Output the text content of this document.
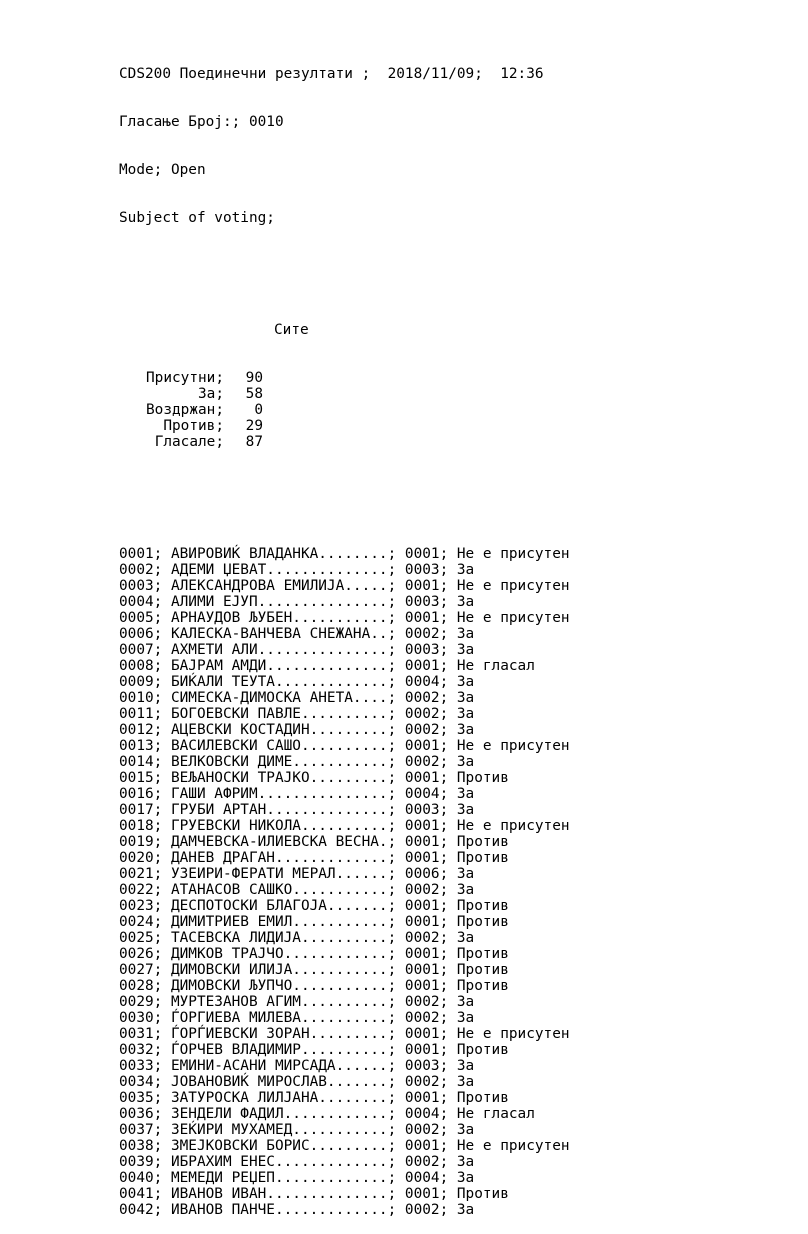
CDS200 Поединечни резултати ;  2018/11/09;  12:36

Гласање Број:; 0010

Mode; Open

Subject of voting;

Сите

Присутни; 90
За; 58
Воздржан; 0
Против; 29
Гласале; 87

0001; АВИРОВИЌ ВЛАДАНКА........; 0001; Не е присутен
0002; АДЕМИ ЏЕВАТ..............; 0003; За
0003; АЛЕКСАНДРОВА ЕМИЛИЈА.....; 0001; Не е присутен
0004; АЛИМИ ЕЈУП...............; 0003; За
0005; АРНАУДОВ ЉУБЕН...........; 0001; Не е присутен
0006; КАЛЕСКА-ВАНЧЕВА СНЕЖАНА..; 0002; За
0007; АХМЕТИ АЛИ...............; 0003; За
0008; БАЈРАМ АМДИ..............; 0001; Не гласал
0009; БИЌАЛИ ТЕУТА.............; 0004; За
0010; СИМЕСКА-ДИМОСКА АНЕТА....; 0002; За
0011; БОГОЕВСКИ ПАВЛЕ..........; 0002; За
0012; АЦЕВСКИ КОСТАДИН.........; 0002; За
0013; ВАСИЛЕВСКИ САШО..........; 0001; Не е присутен
0014; ВЕЛКОВСКИ ДИМЕ...........; 0002; За
0015; ВЕЉАНОСКИ ТРАЈКО.........; 0001; Против
0016; ГАШИ АФРИМ...............; 0004; За
0017; ГРУБИ АРТАН..............; 0003; За
0018; ГРУЕВСКИ НИКОЛА..........; 0001; Не е присутен
0019; ДАМЧЕВСКА-ИЛИЕВСКА ВЕСНА.; 0001; Против
0020; ДАНЕВ ДРАГАН.............; 0001; Против
0021; УЗЕИРИ-ФЕРАТИ МЕРАЛ......; 0006; За
0022; АТАНАСОВ САШКО...........; 0002; За
0023; ДЕСПОТОСКИ БЛАГОЈА.......; 0001; Против
0024; ДИМИТРИЕВ ЕМИЛ...........; 0001; Против
0025; ТАСЕВСКА ЛИДИЈА..........; 0002; За
0026; ДИМКОВ ТРАЈЧО............; 0001; Против
0027; ДИМОВСКИ ИЛИЈА...........; 0001; Против
0028; ДИМОВСКИ ЉУПЧО...........; 0001; Против
0029; МУРТЕЗАНОВ АГИМ..........; 0002; За
0030; ЃОРГИЕВА МИЛЕВА..........; 0002; За
0031; ЃОРЃИЕВСКИ ЗОРАН.........; 0001; Не е присутен
0032; ЃОРЧЕВ ВЛАДИМИР..........; 0001; Против
0033; ЕМИНИ-АСАНИ МИРСАДА......; 0003; За
0034; ЈОВАНОВИЌ МИРОСЛАВ.......; 0002; За
0035; ЗАТУРОСКА ЛИЛЈАНА........; 0001; Против
0036; ЗЕНДЕЛИ ФАДИЛ............; 0004; Не гласал
0037; ЗЕЌИРИ МУХАМЕД...........; 0002; За
0038; ЗМЕЈКОВСКИ БОРИС.........; 0001; Не е присутен
0039; ИБРАХИМ ЕНЕС.............; 0002; За
0040; МЕМЕДИ РЕЏЕП.............; 0004; За
0041; ИВАНОВ ИВАН..............; 0001; Против
0042; ИВАНОВ ПАНЧЕ.............; 0002; За
